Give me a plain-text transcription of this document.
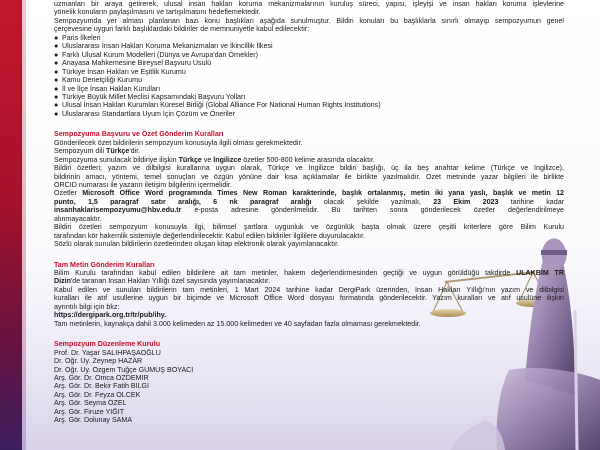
uzmanları bir araya getirerek, ulusal insan hakları koruma mekanizmalarının kuruluş süreci, yapısı, işleyişi ve insan hakları koruma işlevlerine
yönelik konuların paylaşılmasını ve tartışılmasını hedeflemektedir.
Sempozyumda yer alması planlanan bazı konu başlıkları aşağıda sunulmuştur. Bildiri konuları bu başlıklarla sınırlı olmayıp sempozyumun genel
çerçevesine uygun farklı başlıklardaki bildiriler de memnuniyetle kabul edilecektir:
● Paris İlkeleri
● Uluslararası İnsan Hakları Koruma Mekanizmaları ve İkincillik İlkesi
● Farklı Ulusal Kurum Modelleri (Dünya ve Avrupa'dan Örnekler)
● Anayasa Mahkemesine Bireysel Başvuru Usulü
● Türkiye İnsan Hakları ve Eşitlik Kurumu
● Kamu Denetçiliği Kurumu
● İl ve İlçe İnsan Hakları Kurulları
● Türkiye Büyük Millet Meclisi Kapsamındaki Başvuru Yolları
● Ulusal İnsan Hakları Kurumları Küresel Birliği (Global Alliance For National Human Rights Institutions)
● Uluslararası Standartlara Uyum İçin Çözüm ve Öneriler
Sempozyuma Başvuru ve Özet Gönderim Kuralları
Gönderilecek özet bildirilerin sempozyum konusuyla ilgili olması gerekmektedir.
Sempozyum dili Türkçe'dir.
Sempozyuma sunulacak bildiriye ilişkin Türkçe ve İngilizce özetler 500-800 kelime arasında olacaktır.
Bildiri özetleri; yazım ve dilbilgisi kurallarına uygun olarak, Türkçe ve İngilizce bildiri başlığı, üç ila beş anahtar kelime (Türkçe ve İngilizce),
bildirinin amacı, yöntemi, temel sonuçları ve özgün yönüne dair kısa açıklamalar ile birlikte yazılmalıdır. Özet metninde yazar bilgileri ile birlikte
ORCID numarası ile yazarın iletişim bilgilerini içermelidir.
Özetler Microsoft Office Word programında Times New Roman karakterinde, başlık ortalanmış, metin iki yana yaslı, başlık ve metin 12
punto, 1,5 paragraf satır aralığı, 6 nk paragraf aralığı olacak şekilde yazılmalı, 23 Ekim 2023 tarihine kadar
insanhaklarisempozyumu@hbv.edu.tr e-posta adresine gönderilmelidir. Bu tarihten sonra gönderilecek özetler değerlendirilmeye
alınmayacaktır.
Bildiri özetleri sempozyum konusuyla ilgi, bilimsel şartlara uygunluk ve özgünlük başta olmak üzere çeşitli kriterlere göre Bilim Kurulu
tarafından kör hakemlik sistemiyle değerlendirilecektir. Kabul edilen bildiriler ilgililere duyurulacaktır.
Sözlü olarak sunulan bildirilerin özetlerinden oluşan kitap elektronik olarak yayımlanacaktır.
Tam Metin Gönderim Kuralları
Bilim Kurulu tarafından kabul edilen bildirilere ait tam metinler, hakem değerlendirmesinden geçtiği ve uygun görüldüğü takdirde ULAKBİM TR
Dizin'de taranan İnsan Hakları Yıllığı özel sayısında yayımlanacaktır.
Kabul edilen ve sunulan bildirilerin tam metinleri, 1 Mart 2024 tarihine kadar DergiPark üzerinden, İnsan Hakları Yıllığı'nın yazım ve dilbilgisi
kuralları ile atıf usullerine uygun bir biçimde ve Microsoft Office Word dosyası formatında gönderilecektir. Yazım kuralları ve atıf usulüne ilişkin
ayrıntılı bilgi için bkz:
https://dergipark.org.tr/tr/pub/ihy.
Tam metinlerin, kaynakça dahil 3.000 kelimeden az 15.000 kelimeden ve 40 sayfadan fazla olmaması gerekmektedir.
Sempozyum Düzenleme Kurulu
Prof. Dr. Yaşar SALİHPAŞAOĞLU
Dr. Öğr. Üy. Zeynep HAZAR
Dr. Öğr. Üy. Özgem Tuğçe GÜMÜŞ BOYACI
Arş. Gör. Dr. Omca ÖZDEMİR
Arş. Gör. Dr. Bekir Fatih BİLGİ
Arş. Gör. Dr. Feyza ÖLCEK
Arş. Gör. Seyma ÖZEL
Arş. Gör. Firuze YİĞİT
Arş. Gör. Dolunay SAMA
